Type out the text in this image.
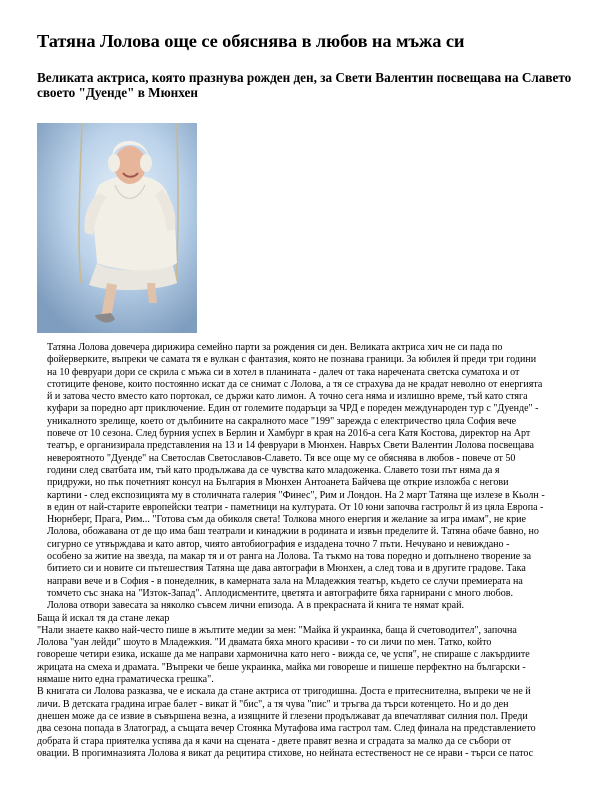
Татяна Лолова още се обяснява в любов на мъжа си
Великата актриса, която празнува рожден ден, за Свети Валентин посвещава на Славето своето "Дуенде" в Мюнхен

Татяна Лолова довечера дирижира семейно парти за рождения си ден. Великата актриса хич не си пада по
фойерверките, въпреки че самата тя е вулкан с фантазия, която не познава граници. За юбилея й преди три години
на 10 февруари дори се скрила с мъжа си в хотел в планината - далеч от така наречената светска суматоха и от
стотиците фенове, които постоянно искат да се снимат с Лолова, а тя се страхува да не крадат неволно от енергията
й и затова често вместо като портокал, се държи като лимон. А точно сега няма и излишно време, тъй като стяга
куфари за поредно арт приключение. Един от големите подаръци за ЧРД е пореден международен тур с "Дуенде" -
уникалното зрелище, което от дълбините на сакралното масе "199" зарежда с електричество цяла София вече
повече от 10 сезона. След бурния успех в Берлин и Хамбург в края на 2016-а сега Катя Костова, директор на Арт
театър, е организирала представления на 13 и 14 февруари в Мюнхен. Навръх Свети Валентин Лолова посвещава
невероятното "Дуенде" на Светослав Светославов-Славето. Тя все още му се обяснява в любов - повече от 50
години след сватбата им, тъй като продължава да се чувства като младоженка. Славето този път няма да я
придружи, но пък почетният консул на България в Мюнхен Антоанета Байчева ще открие изложба с негови
картини - след експозицията му в столичната галерия "Финес", Рим и Лондон. На 2 март Татяна ще излезе в Кьолн -
в един от най-старите европейски театри - паметници на културата. От 10 юни започва гастрольт й из цяла Европа -
Нюрнберг, Прага, Рим... "Готова съм да обиколя света! Толкова много енергия и желание за игра имам", не крие
Лолова, обожавана от де що има баш театрали и кинаджии в родината и извън пределите й. Татяна обаче бавно, но
сигурно се утвърждава и като автор, чиято автобиография е издадена точно 7 пъти. Нечувано и невиждано -
особено за житие на звезда, па макар тя и от ранга на Лолова. Та тъкмо на това поредно и допълнено творение за
битието си и новите си пътешествия Татяна ще дава автографи в Мюнхен, а след това и в другите градове. Така
направи вече и в София - в понеделник, в камерната зала на Младежкия театър, където се случи премиерата на
томчето със знака на "Изток-Запад". Аплодисментите, цветята и автографите бяха гарнирани с много любов.
Лолова отвори завесата за няколко съвсем лични епизода. А в прекрасната й книга те нямат край.

Баща й искал тя да стане лекар

"Нали знаете какво най-често пише в жълтите медии за мен: "Майка й украинка, баща й счетоводител", започна
Лолова "уан лейди" шоуто в Младежкия. "И двамата бяха много красиви - то си личи по мен. Татко, който
говореше четири езика, искаше да ме направи хармонична като него - вижда се, че успя", не спираше с лакърдиите
жрицата на смеха и драмата. "Въпреки че беше украинка, майка ми говореше и пишеше перфектно на български -
нямаше нито една граматическа грешка".

В книгата си Лолова разказва, че е искала да стане актриса от тригодишна. Доста е притеснителна, въпреки че не й
личи. В детската градина играе балет - викат й "бис", а тя чува "пис" и тръгва да търси котенцето. Но и до ден
днешен може да се извие в съвършена везна, а изящните й глезени продължават да впечатляват силния пол. Преди
два сезона попада в Златоград, а същата вечер Стоянка Мутафова има гастрол там. След финала на представлението
добрата й стара приятелка успява да я качи на сцената - двете правят везна и сградата за малко да се събори от
овации. В прогимназията Лолова я викат да рецитира стихове, но нейната естественост не се нрави - търси се патос
